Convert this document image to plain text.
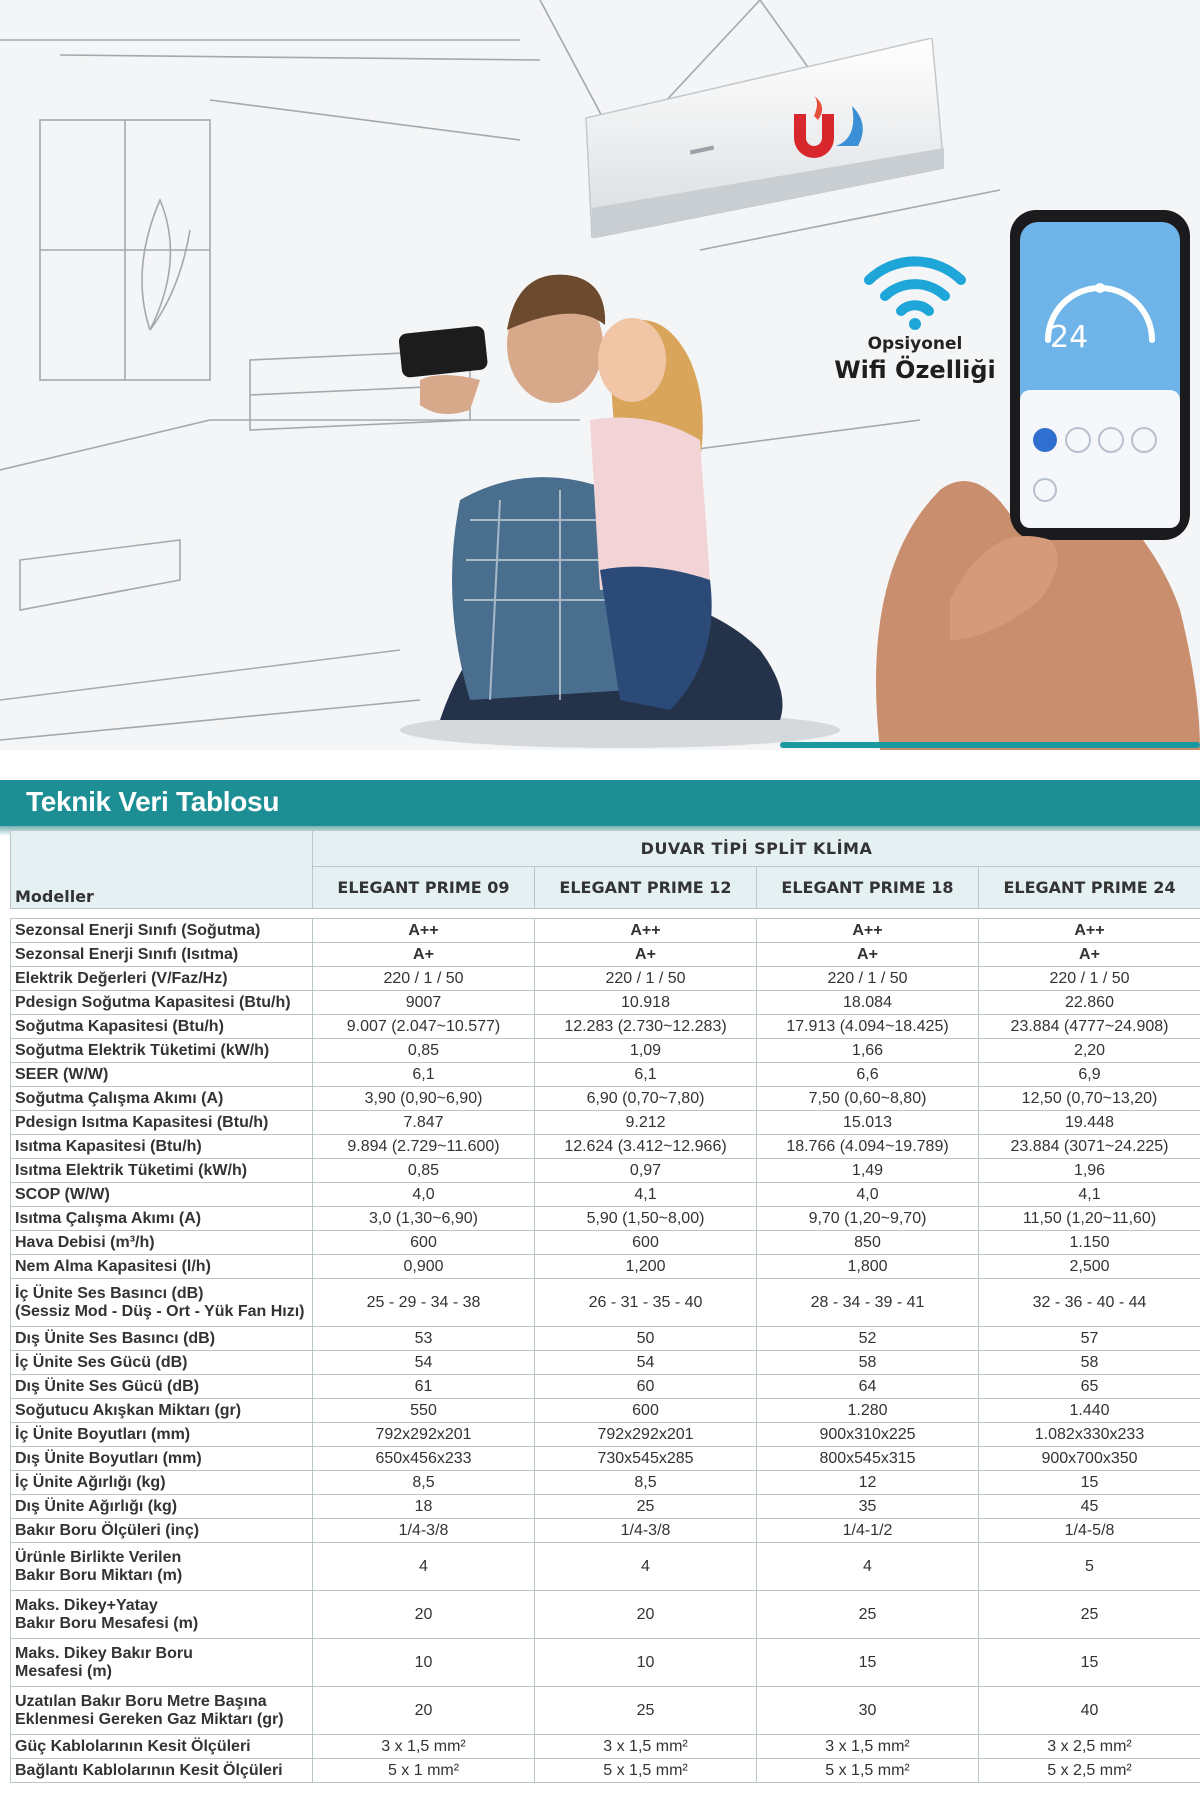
Opsiyonel
Wifi Özelliği
24
Teknik Veri Tablosu
Modeller	DUVAR TİPİ SPLİT KLİMA			
	ELEGANT PRIME 09	ELEGANT PRIME 12	ELEGANT PRIME 18	ELEGANT PRIME 24

Sezonsal Enerji Sınıfı (Soğutma)	A++	A++	A++	A++
Sezonsal Enerji Sınıfı (Isıtma)	A+	A+	A+	A+
Elektrik Değerleri (V/Faz/Hz)	220 / 1 / 50	220 / 1 / 50	220 / 1 / 50	220 / 1 / 50
Pdesign Soğutma Kapasitesi (Btu/h)	9007	10.918	18.084	22.860
Soğutma Kapasitesi (Btu/h)	9.007 (2.047~10.577)	12.283 (2.730~12.283)	17.913 (4.094~18.425)	23.884 (4777~24.908)
Soğutma Elektrik Tüketimi (kW/h)	0,85	1,09	1,66	2,20
SEER (W/W)	6,1	6,1	6,6	6,9
Soğutma Çalışma Akımı (A)	3,90 (0,90~6,90)	6,90 (0,70~7,80)	7,50 (0,60~8,80)	12,50 (0,70~13,20)
Pdesign Isıtma Kapasitesi (Btu/h)	7.847	9.212	15.013	19.448
Isıtma Kapasitesi (Btu/h)	9.894 (2.729~11.600)	12.624 (3.412~12.966)	18.766 (4.094~19.789)	23.884 (3071~24.225)
Isıtma Elektrik Tüketimi (kW/h)	0,85	0,97	1,49	1,96
SCOP (W/W)	4,0	4,1	4,0	4,1
Isıtma Çalışma Akımı (A)	3,0 (1,30~6,90)	5,90 (1,50~8,00)	9,70 (1,20~9,70)	11,50 (1,20~11,60)
Hava Debisi (m³/h)	600	600	850	1.150
Nem Alma Kapasitesi (l/h)	0,900	1,200	1,800	2,500
İç Ünite Ses Basıncı (dB)
(Sessiz Mod - Düş - Ort - Yük Fan Hızı)	25 - 29 - 34 - 38	26 - 31 - 35 - 40	28 - 34 - 39 - 41	32 - 36 - 40 - 44
Dış Ünite Ses Basıncı (dB)	53	50	52	57
İç Ünite Ses Gücü (dB)	54	54	58	58
Dış Ünite Ses Gücü (dB)	61	60	64	65
Soğutucu Akışkan Miktarı (gr)	550	600	1.280	1.440
İç Ünite Boyutları (mm)	792x292x201	792x292x201	900x310x225	1.082x330x233
Dış Ünite Boyutları (mm)	650x456x233	730x545x285	800x545x315	900x700x350
İç Ünite Ağırlığı (kg)	8,5	8,5	12	15
Dış Ünite Ağırlığı (kg)	18	25	35	45
Bakır Boru Ölçüleri (inç)	1/4-3/8	1/4-3/8	1/4-1/2	1/4-5/8
Ürünle Birlikte Verilen
Bakır Boru Miktarı (m)	4	4	4	5
Maks. Dikey+Yatay
Bakır Boru Mesafesi (m)	20	20	25	25
Maks. Dikey Bakır Boru
Mesafesi (m)	10	10	15	15
Uzatılan Bakır Boru Metre Başına
Eklenmesi Gereken Gaz Miktarı (gr)	20	25	30	40
Güç Kablolarının Kesit Ölçüleri	3 x 1,5 mm²	3 x 1,5 mm²	3 x 1,5 mm²	3 x 2,5 mm²
Bağlantı Kablolarının Kesit Ölçüleri	5 x 1 mm²	5 x 1,5 mm²	5 x 1,5 mm²	5 x 2,5 mm²
